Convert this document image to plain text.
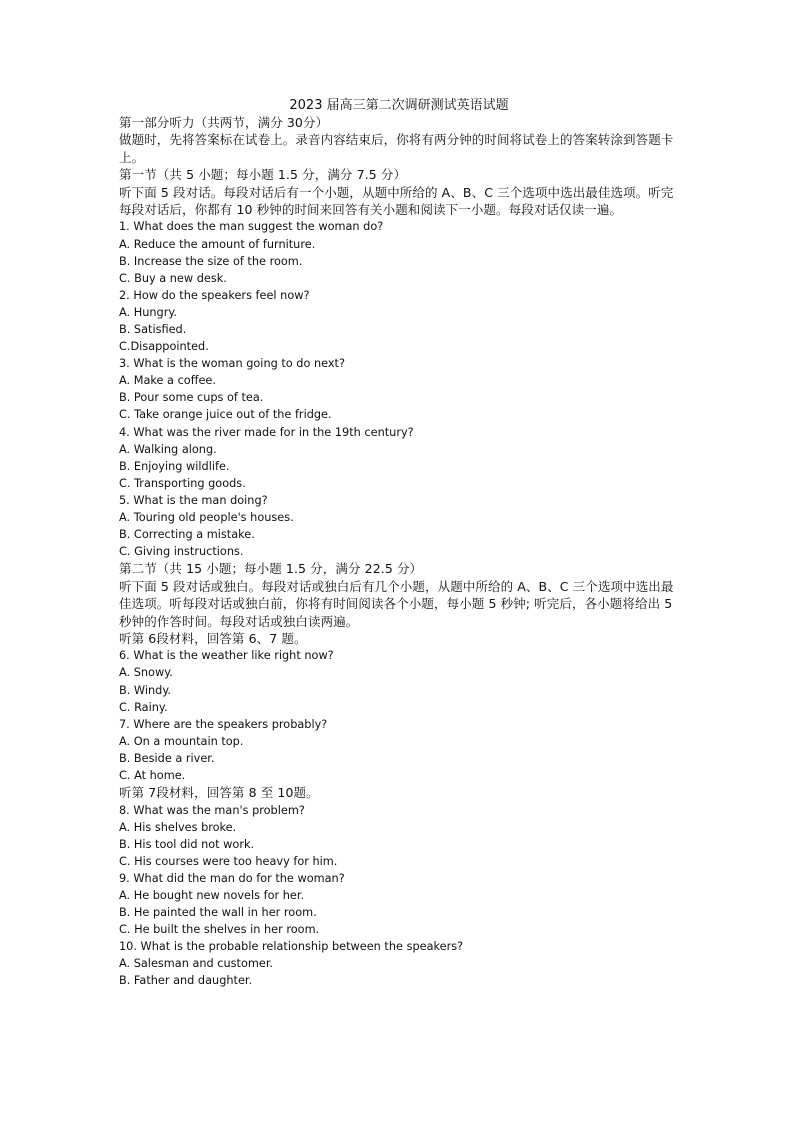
2023 届高三第二次调研测试英语试题

第一部分听力（共两节，满分 30分）

做题时，先将答案标在试卷上。录音内容结束后，你将有两分钟的时间将试卷上的答案转涂到答题卡上。

第一节（共 5 小题；每小题 1.5 分，满分 7.5 分）

听下面 5 段对话。每段对话后有一个小题，从题中所给的 A、B、C 三个选项中选出最佳选项。听完每段对话后，你都有 10 秒钟的时间来回答有关小题和阅读下一小题。每段对话仅读一遍。

1. What does the man suggest the woman do?

A. Reduce the amount of furniture.

B. Increase the size of the room.

C. Buy a new desk.

2. How do the speakers feel now?

A. Hungry.

B. Satisfied.

C.Disappointed.

3. What is the woman going to do next?

A. Make a coffee.

B. Pour some cups of tea.

C. Take orange juice out of the fridge.

4. What was the river made for in the 19th century?

A. Walking along.

B. Enjoying wildlife.

C. Transporting goods.

5. What is the man doing?

A. Touring old people's houses.

B. Correcting a mistake.

C. Giving instructions.

第二节（共 15 小题；每小题 1.5 分，满分 22.5 分）

听下面 5 段对话或独白。每段对话或独白后有几个小题，从题中所给的 A、B、C 三个选项中选出最佳选项。听每段对话或独白前，你将有时间阅读各个小题，每小题 5 秒钟; 听完后，各小题将给出 5 秒钟的作答时间。每段对话或独白读两遍。

听第 6段材料，回答第 6、7 题。

6. What is the weather like right now?

A. Snowy.

B. Windy.

C. Rainy.

7. Where are the speakers probably?

A. On a mountain top.

B. Beside a river.

C. At home.

听第 7段材料，回答第 8 至 10题。

8. What was the man's problem?

A. His shelves broke.

B. His tool did not work.

C. His courses were too heavy for him.

9. What did the man do for the woman?

A. He bought new novels for her.

B. He painted the wall in her room.

C. He built the shelves in her room.

10. What is the probable relationship between the speakers?

A. Salesman and customer.

B. Father and daughter.
